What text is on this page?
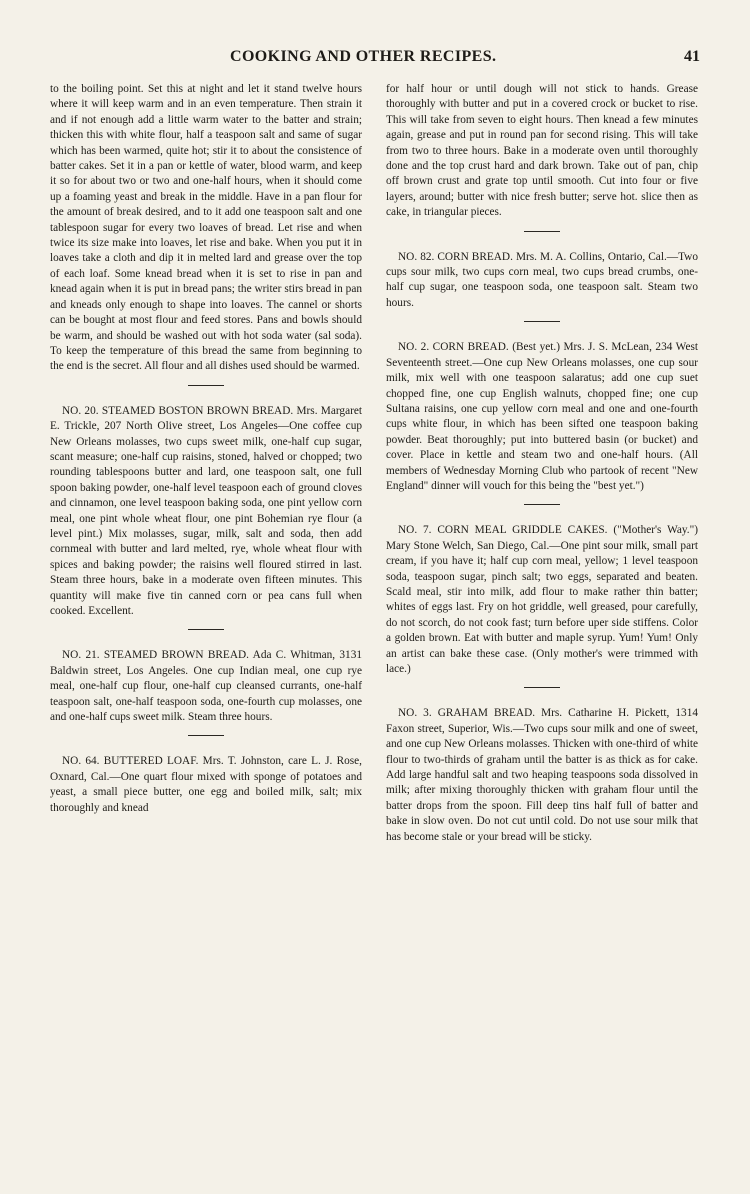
COOKING AND OTHER RECIPES.	41

to the boiling point. Set this at night and let it stand twelve hours where it will keep warm and in an even temperature. Then strain it and if not enough add a little warm water to the batter and strain; thicken this with white flour, half a teaspoon salt and same of sugar which has been warmed, quite hot; stir it to about the consistence of batter cakes. Set it in a pan or kettle of water, blood warm, and keep it so for about two or two and one-half hours, when it should come up a foaming yeast and break in the middle. Have in a pan flour for the amount of break desired, and to it add one teaspoon salt and one tablespoon sugar for every two loaves of bread. Let rise and when twice its size make into loaves, let rise and bake. When you put it in loaves take a cloth and dip it in melted lard and grease over the top of each loaf. Some knead bread when it is set to rise in pan and knead again when it is put in bread pans; the writer stirs bread in pan and kneads only enough to shape into loaves. The cannel or shorts can be bought at most flour and feed stores. Pans and bowls should be warm, and should be washed out with hot soda water (sal soda). To keep the temperature of this bread the same from beginning to the end is the secret. All flour and all dishes used should be warmed.

NO. 20. STEAMED BOSTON BROWN BREAD. Mrs. Margaret E. Trickle, 207 North Olive street, Los Angeles—One coffee cup New Orleans molasses, two cups sweet milk, one-half cup sugar, scant measure; one-half cup raisins, stoned, halved or chopped; two rounding tablespoons butter and lard, one teaspoon salt, one full spoon baking powder, one-half level teaspoon each of ground cloves and cinnamon, one level teaspoon baking soda, one pint yellow corn meal, one pint whole wheat flour, one pint Bohemian rye flour (a level pint.) Mix molasses, sugar, milk, salt and soda, then add cornmeal with butter and lard melted, rye, whole wheat flour with spices and baking powder; the raisins well floured stirred in last. Steam three hours, bake in a moderate oven fifteen minutes. This quantity will make five tin canned corn or pea cans full when cooked. Excellent.

NO. 21. STEAMED BROWN BREAD. Ada C. Whitman, 3131 Baldwin street, Los Angeles. One cup Indian meal, one cup rye meal, one-half cup flour, one-half cup cleansed currants, one-half teaspoon salt, one-half teaspoon soda, one-fourth cup molasses, one and one-half cups sweet milk. Steam three hours.

NO. 64. BUTTERED LOAF. Mrs. T. Johnston, care L. J. Rose, Oxnard, Cal.—One quart flour mixed with sponge of potatoes and yeast, a small piece butter, one egg and boiled milk, salt; mix thoroughly and knead

for half hour or until dough will not stick to hands. Grease thoroughly with butter and put in a covered crock or bucket to rise. This will take from seven to eight hours. Then knead a few minutes again, grease and put in round pan for second rising. This will take from two to three hours. Bake in a moderate oven until thoroughly done and the top crust hard and dark brown. Take out of pan, chip off brown crust and grate top until smooth. Cut into four or five layers, around; butter with nice fresh butter; serve hot. slice then as cake, in triangular pieces.

NO. 82. CORN BREAD. Mrs. M. A. Collins, Ontario, Cal.—Two cups sour milk, two cups corn meal, two cups bread crumbs, one-half cup sugar, one teaspoon soda, one teaspoon salt. Steam two hours.

NO. 2. CORN BREAD. (Best yet.) Mrs. J. S. McLean, 234 West Seventeenth street.—One cup New Orleans molasses, one cup sour milk, mix well with one teaspoon salaratus; add one cup suet chopped fine, one cup English walnuts, chopped fine; one cup Sultana raisins, one cup yellow corn meal and one and one-fourth cups white flour, in which has been sifted one teaspoon baking powder. Beat thoroughly; put into buttered basin (or bucket) and cover. Place in kettle and steam two and one-half hours. (All members of Wednesday Morning Club who partook of recent "New England" dinner will vouch for this being the "best yet.")

NO. 7. CORN MEAL GRIDDLE CAKES. ("Mother's Way.") Mary Stone Welch, San Diego, Cal.—One pint sour milk, small part cream, if you have it; half cup corn meal, yellow; 1 level teaspoon soda, teaspoon sugar, pinch salt; two eggs, separated and beaten. Scald meal, stir into milk, add flour to make rather thin batter; whites of eggs last. Fry on hot griddle, well greased, pour carefully, do not scorch, do not cook fast; turn before uper side stiffens. Color a golden brown. Eat with butter and maple syrup. Yum! Yum! Only an artist can bake these case. (Only mother's were trimmed with lace.)

NO. 3. GRAHAM BREAD. Mrs. Catharine H. Pickett, 1314 Faxon street, Superior, Wis.—Two cups sour milk and one of sweet, and one cup New Orleans molasses. Thicken with one-third of white flour to two-thirds of graham until the batter is as thick as for cake. Add large handful salt and two heaping teaspoons soda dissolved in milk; after mixing thoroughly thicken with graham flour until the batter drops from the spoon. Fill deep tins half full of batter and bake in slow oven. Do not cut until cold. Do not use sour milk that has become stale or your bread will be sticky.
